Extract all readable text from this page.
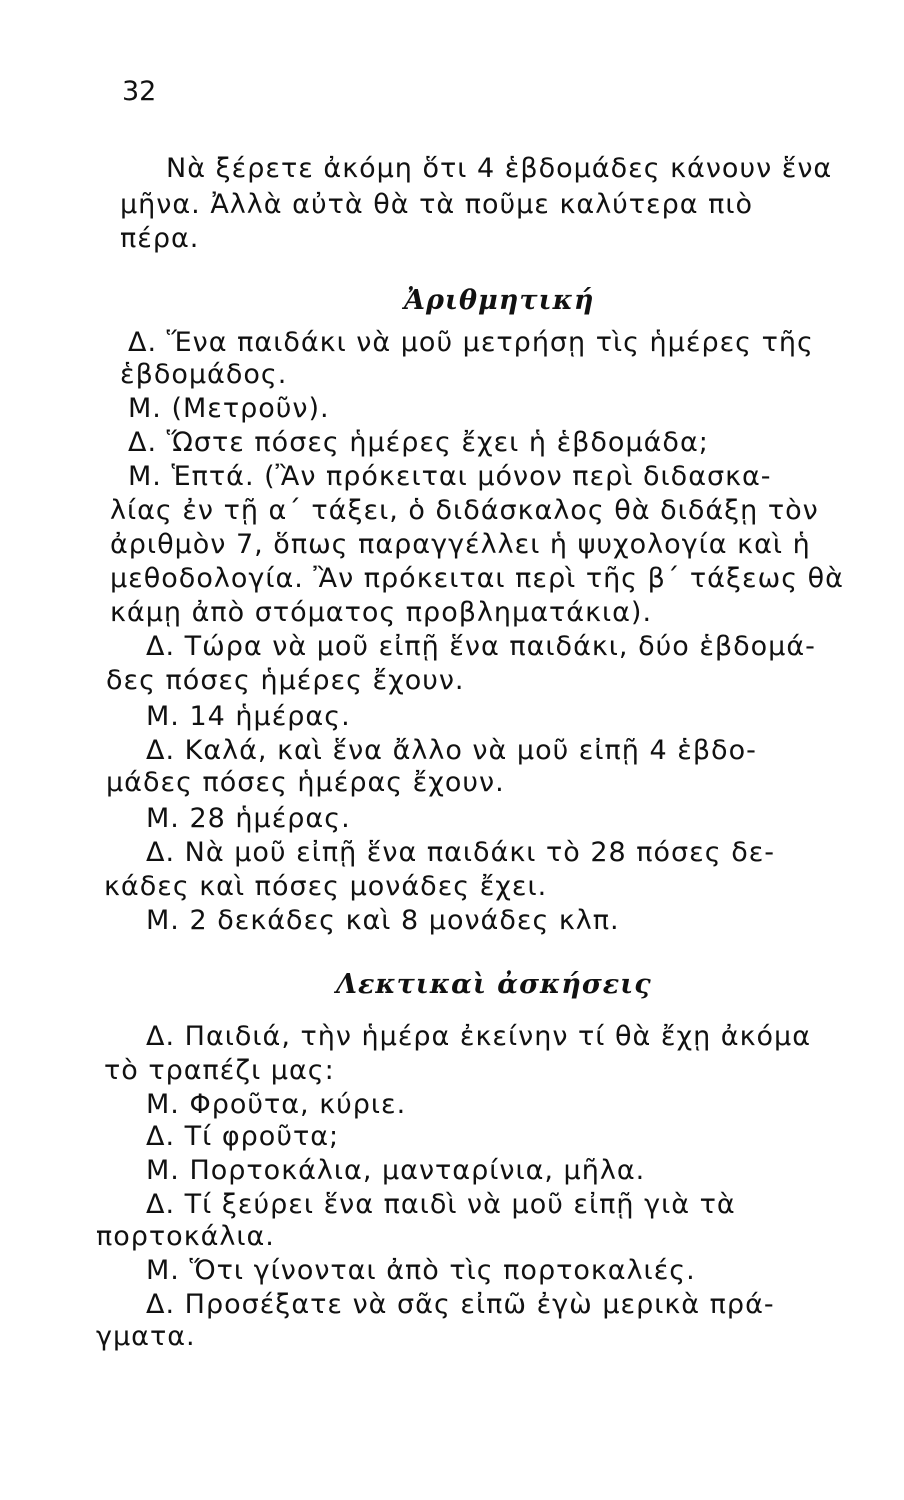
32

Νὰ ξέρετε ἀκόμη ὅτι 4 ἑβδομάδες κάνουν ἕνα

μῆνα. Ἀλλὰ αὐτὰ θὰ τὰ ποῦμε καλύτερα πιὸ

πέρα.

Ἀριθμητική

Δ. Ἕνα παιδάκι νὰ μοῦ μετρήσῃ τὶς ἡμέρες τῆς

ἑβδομάδος.

Μ. (Μετροῦν).

Δ. Ὥστε πόσες ἡμέρες ἔχει ἡ ἑβδομάδα;

Μ. Ἑπτά. (Ἂν πρόκειται μόνον περὶ διδασκα-

λίας ἐν τῇ α΄ τάξει, ὁ διδάσκαλος θὰ διδάξῃ τὸν

ἀριθμὸν 7, ὅπως παραγγέλλει ἡ ψυχολογία καὶ ἡ

μεθοδολογία. Ἂν πρόκειται περὶ τῆς β΄ τάξεως θὰ

κάμῃ ἀπὸ στόματος προβληματάκια).

Δ. Τώρα νὰ μοῦ εἰπῇ ἕνα παιδάκι, δύο ἑβδομά-

δες πόσες ἡμέρες ἔχουν.

Μ. 14 ἡμέρας.

Δ. Καλά, καὶ ἕνα ἄλλο νὰ μοῦ εἰπῇ 4 ἑβδο-

μάδες πόσες ἡμέρας ἔχουν.

Μ. 28 ἡμέρας.

Δ. Νὰ μοῦ εἰπῇ ἕνα παιδάκι τὸ 28 πόσες δε-

κάδες καὶ πόσες μονάδες ἔχει.

Μ. 2 δεκάδες καὶ 8 μονάδες κλπ.

Λεκτικαὶ ἀσκήσεις

Δ. Παιδιά, τὴν ἡμέρα ἐκείνην τί θὰ ἔχῃ ἀκόμα

τὸ τραπέζι μας:

Μ. Φροῦτα, κύριε.

Δ. Τί φροῦτα;

Μ. Πορτοκάλια, μανταρίνια, μῆλα.

Δ. Τί ξεύρει ἕνα παιδὶ νὰ μοῦ εἰπῇ γιὰ τὰ

πορτοκάλια.

Μ. Ὅτι γίνονται ἀπὸ τὶς πορτοκαλιές.

Δ. Προσέξατε νὰ σᾶς εἰπῶ ἐγὼ μερικὰ πρά-

γματα.
